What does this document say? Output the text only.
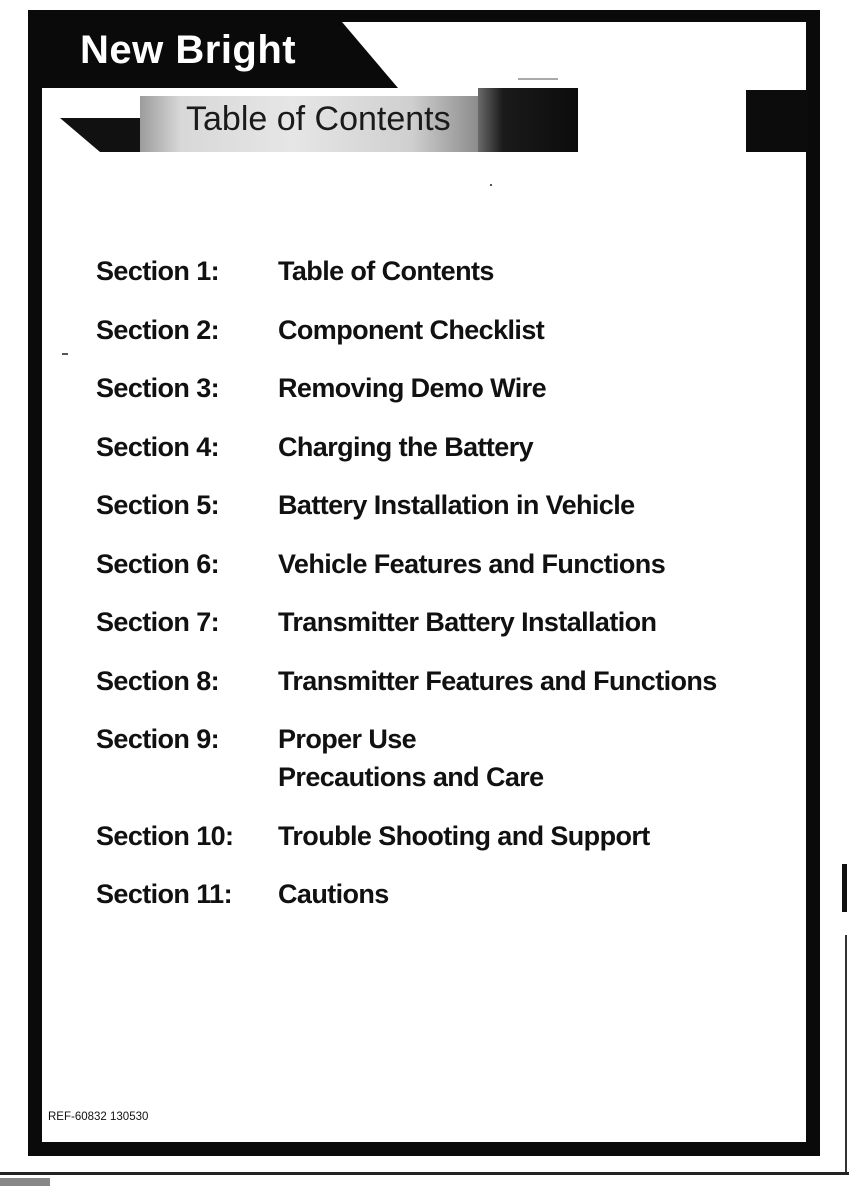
New Bright
Table of Contents
Section 1:	Table of Contents
Section 2:	Component Checklist
Section 3:	Removing Demo Wire
Section 4:	Charging the Battery
Section 5:	Battery Installation in Vehicle
Section 6:	Vehicle Features and Functions
Section 7:	Transmitter Battery Installation
Section 8:	Transmitter Features and Functions
Section 9:	Proper Use
Precautions and Care
Section 10:	Trouble Shooting and Support
Section 11:	Cautions
REF-60832 130530
